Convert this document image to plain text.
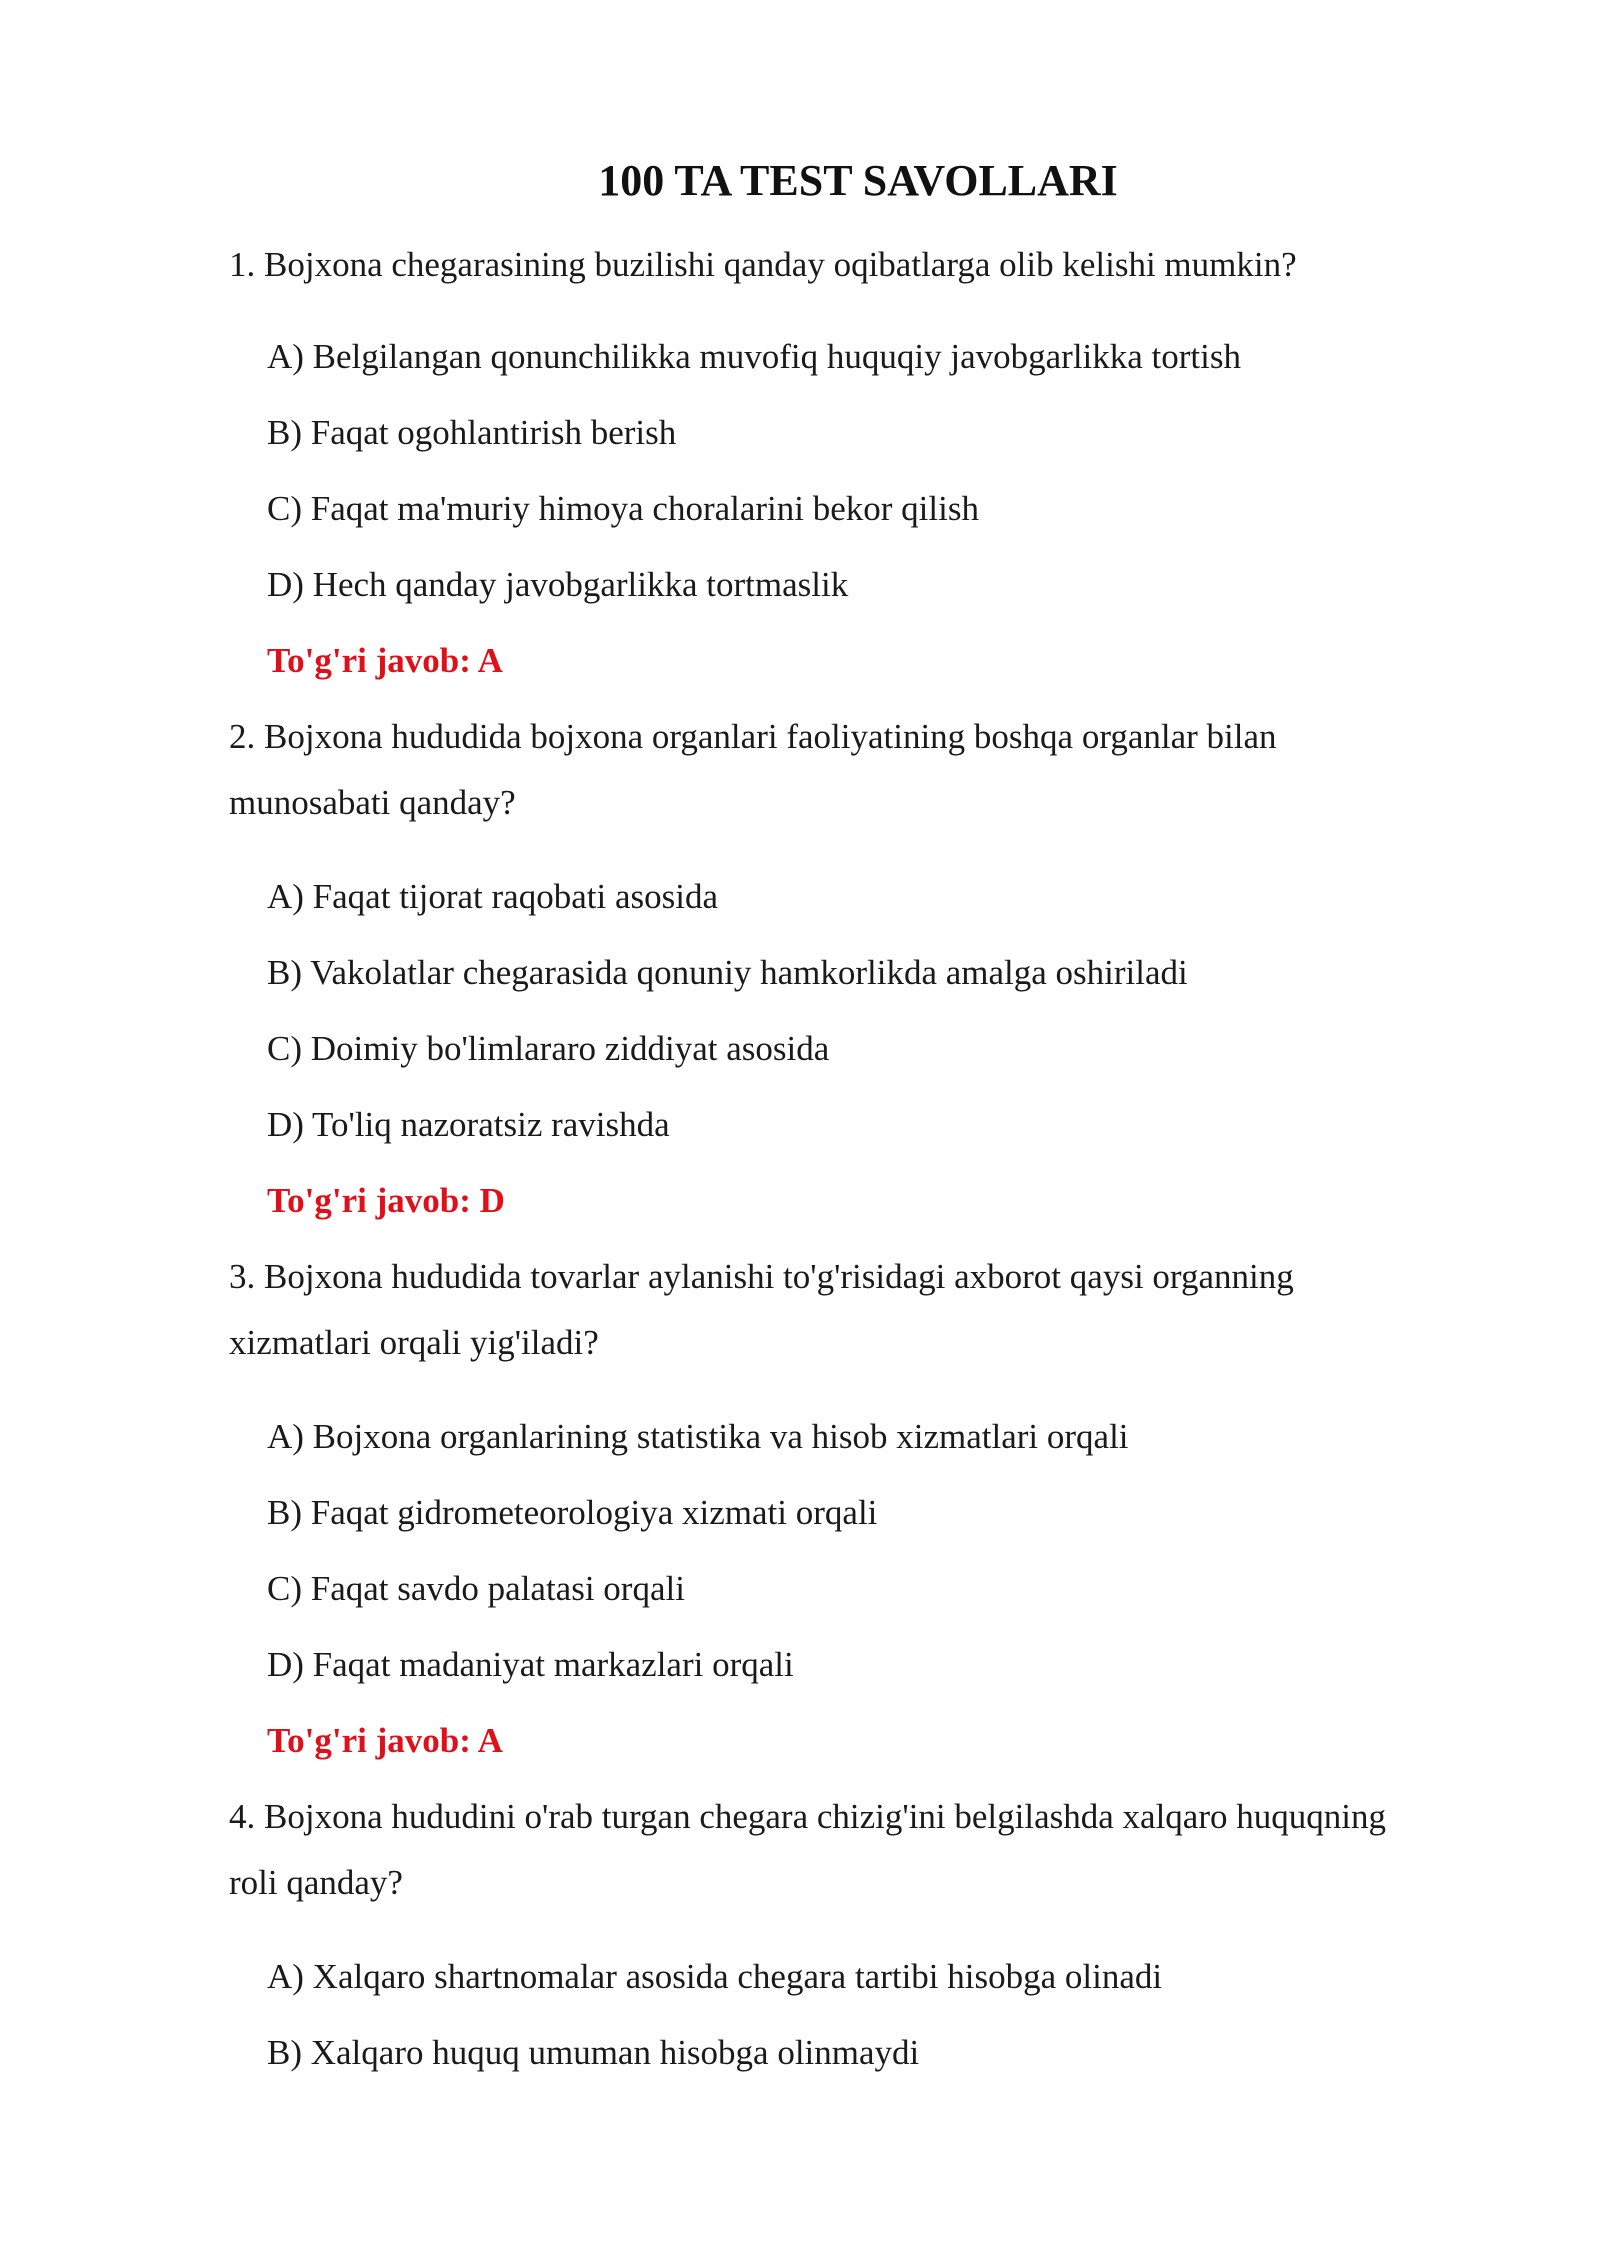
100 TA TEST SAVOLLARI

1. Bojxona chegarasining buzilishi qanday oqibatlarga olib kelishi mumkin?

A) Belgilangan qonunchilikka muvofiq huquqiy javobgarlikka tortish

B) Faqat ogohlantirish berish

C) Faqat ma'muriy himoya choralarini bekor qilish

D) Hech qanday javobgarlikka tortmaslik

To'g'ri javob: A

2. Bojxona hududida bojxona organlari faoliyatining boshqa organlar bilan

munosabati qanday?

A) Faqat tijorat raqobati asosida

B) Vakolatlar chegarasida qonuniy hamkorlikda amalga oshiriladi

C) Doimiy bo'limlararo ziddiyat asosida

D) To'liq nazoratsiz ravishda

To'g'ri javob: D

3. Bojxona hududida tovarlar aylanishi to'g'risidagi axborot qaysi organning

xizmatlari orqali yig'iladi?

A) Bojxona organlarining statistika va hisob xizmatlari orqali

B) Faqat gidrometeorologiya xizmati orqali

C) Faqat savdo palatasi orqali

D) Faqat madaniyat markazlari orqali

To'g'ri javob: A

4. Bojxona hududini o'rab turgan chegara chizig'ini belgilashda xalqaro huquqning

roli qanday?

A) Xalqaro shartnomalar asosida chegara tartibi hisobga olinadi

B) Xalqaro huquq umuman hisobga olinmaydi
